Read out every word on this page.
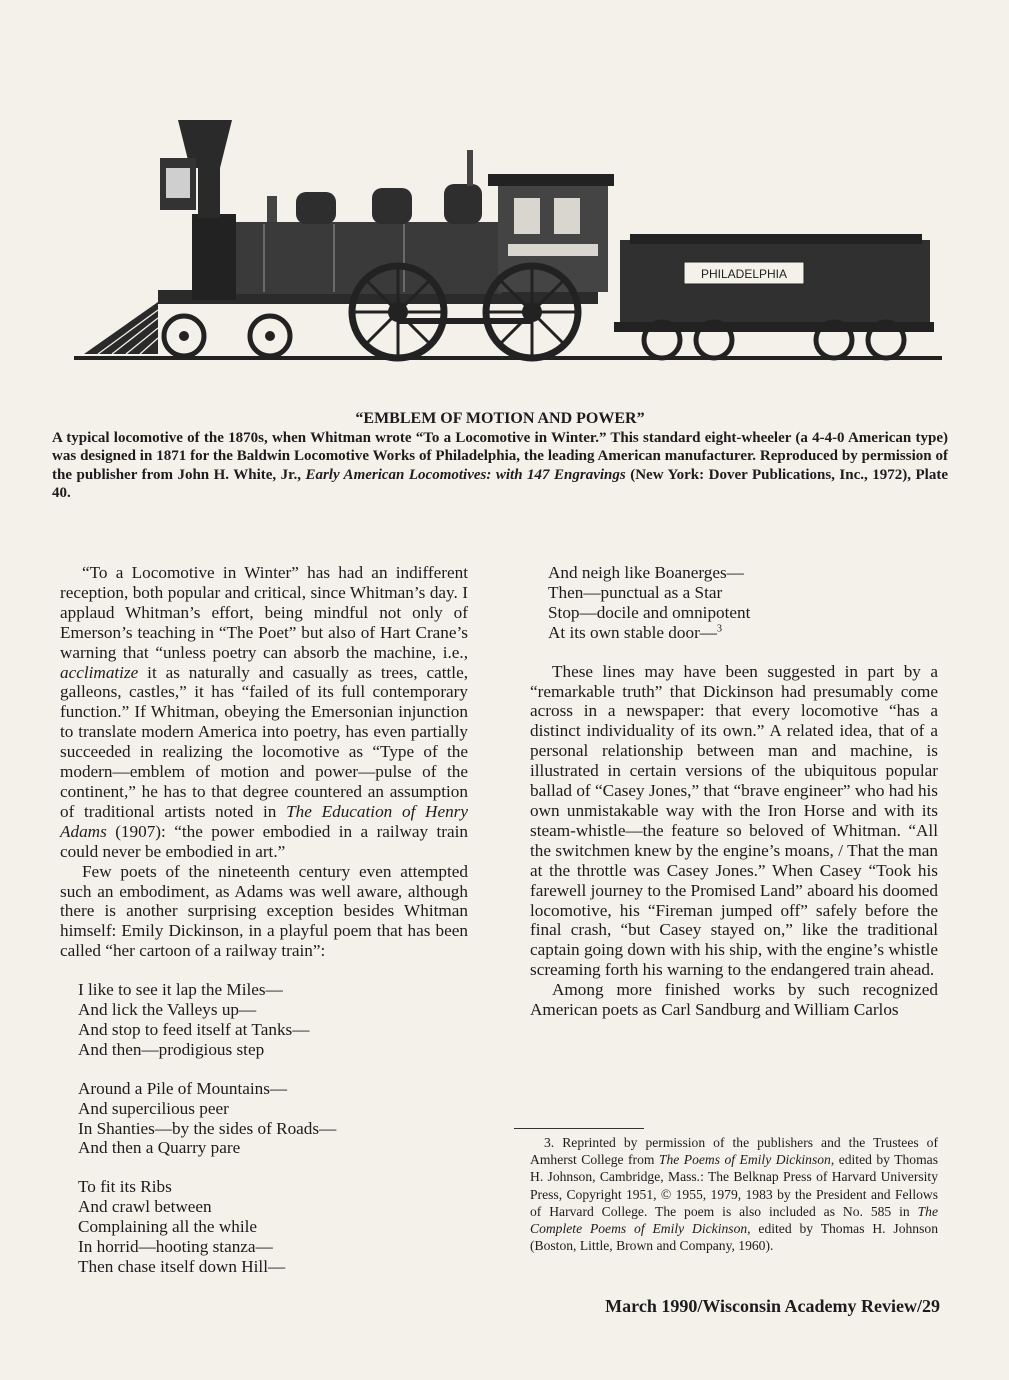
PHILADELPHIA
“EMBLEM OF MOTION AND POWER”
A typical locomotive of the 1870s, when Whitman wrote “To a Locomotive in Winter.” This standard eight-wheeler (a 4-4-0 American type) was designed in 1871 for the Baldwin Locomotive Works of Philadelphia, the leading American manufacturer. Reproduced by permission of the publisher from John H. White, Jr., Early American Locomotives: with 147 Engravings (New York: Dover Publications, Inc., 1972), Plate 40.

“To a Locomotive in Winter” has had an indifferent reception, both popular and critical, since Whitman’s day. I applaud Whitman’s effort, being mindful not only of Emerson’s teaching in “The Poet” but also of Hart Crane’s warning that “unless poetry can absorb the machine, i.e., acclimatize it as naturally and casually as trees, cattle, galleons, castles,” it has “failed of its full contemporary function.” If Whitman, obeying the Emersonian injunction to translate modern America into poetry, has even partially succeeded in realizing the locomotive as “Type of the modern—emblem of motion and power—pulse of the continent,” he has to that degree countered an assumption of traditional artists noted in The Education of Henry Adams (1907): “the power embodied in a railway train could never be embodied in art.”

Few poets of the nineteenth century even attempted such an embodiment, as Adams was well aware, although there is another surprising exception besides Whitman himself: Emily Dickinson, in a playful poem that has been called “her cartoon of a railway train”:

I like to see it lap the Miles—
And lick the Valleys up—
And stop to feed itself at Tanks—
And then—prodigious step
Around a Pile of Mountains—
And supercilious peer
In Shanties—by the sides of Roads—
And then a Quarry pare
To fit its Ribs
And crawl between
Complaining all the while
In horrid—hooting stanza—
Then chase itself down Hill—
And neigh like Boanerges—
Then—punctual as a Star
Stop—docile and omnipotent
At its own stable door—$^3$

These lines may have been suggested in part by a “remarkable truth” that Dickinson had presumably come across in a newspaper: that every locomotive “has a distinct individuality of its own.” A related idea, that of a personal relationship between man and machine, is illustrated in certain versions of the ubiquitous popular ballad of “Casey Jones,” that “brave engineer” who had his own unmistakable way with the Iron Horse and with its steam-whistle—the feature so beloved of Whitman. “All the switchmen knew by the engine’s moans, / That the man at the throttle was Casey Jones.” When Casey “Took his farewell journey to the Promised Land” aboard his doomed locomotive, his “Fireman jumped off” safely before the final crash, “but Casey stayed on,” like the traditional captain going down with his ship, with the engine’s whistle screaming forth his warning to the endangered train ahead.

Among more finished works by such recognized American poets as Carl Sandburg and William Carlos

3. Reprinted by permission of the publishers and the Trustees of Amherst College from The Poems of Emily Dickinson, edited by Thomas H. Johnson, Cambridge, Mass.: The Belknap Press of Harvard University Press, Copyright 1951, © 1955, 1979, 1983 by the President and Fellows of Harvard College. The poem is also included as No. 585 in The Complete Poems of Emily Dickinson, edited by Thomas H. Johnson (Boston, Little, Brown and Company, 1960).

March 1990/Wisconsin Academy Review/29
